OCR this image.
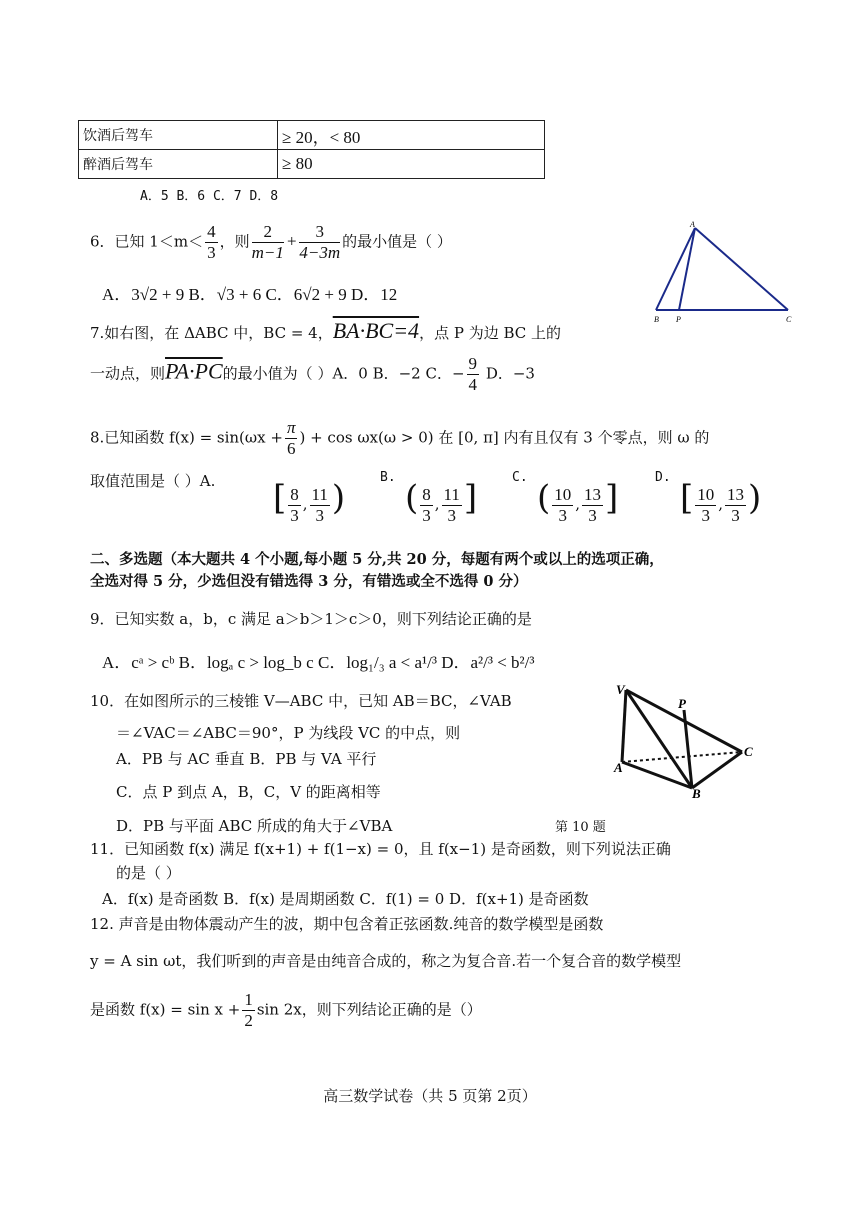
饮酒后驾车	≥ 20，< 80
醉酒后驾车	≥ 80
A．5 B．6 C．7 D．8
6．已知 $1<m< \frac{4}{3}$ ，则 $\frac{2}{m-1} + \frac{3}{4-3m}$ 的最小值是（ ）
A．3√2 + 9 B．√3 + 6 C．6√2 + 9 D．12
A
B P	C
7.如右图，在 ΔABC 中，BC = 4，BA·BC=4，点 P 为边 BC 上的
一动点，则PA·PC的最小值为（ ）A．0 B．−2 C．− $\frac{9}{4}$ D．−3
8.已知函数 $f(x) = \sin(\omega x + \frac{\pi}{6}$ ) + cos ωx(ω > 0) 在 [0, π] 内有且仅有 3 个零点，则 ω 的
取值范围是（ ）A. [ $\frac{8}{3}$ , $\frac{11}{3}$ )
B.
( $\frac{8}{3}$ , $\frac{11}{3}$ ]
C.
( $\frac{10}{3}$ , $\frac{13}{3}$ ]
D.
[ $\frac{10}{3}$ , $\frac{13}{3}$ )
二、多选题（本大题共 4 个小题,每小题 5 分,共 20 分，每题有两个或以上的选项正确，
全选对得 5 分，少选但没有错选得 3 分，有错选或全不选得 0 分）
9．已知实数 a，b，c 满足 a＞b＞1＞c＞0，则下列结论正确的是
A．cᵃ > cᵇ B．logₐ c > log_b c C．log₁/₃ a < a¹/³ D．a²/³ < b²/³
V
P
A
B
C
10．在如图所示的三棱锥 V—ABC 中，已知 AB＝BC，∠VAB
＝∠VAC＝∠ABC＝90°，P 为线段 VC 的中点，则
A．PB 与 AC 垂直 B．PB 与 VA 平行
C．点 P 到点 A，B，C，V 的距离相等
D．PB 与平面 ABC 所成的角大于∠VBA	第 10 题
11．已知函数 f(x) 满足 f(x+1) + f(1−x) = 0，且 f(x−1) 是奇函数，则下列说法正确
的是（ ）
A．f(x) 是奇函数 B．f(x) 是周期函数 C．f(1) = 0 D．f(x+1) 是奇函数
12. 声音是由物体震动产生的波，期中包含着正弦函数.纯音的数学模型是函数
y = A sin ωt，我们听到的声音是由纯音合成的，称之为复合音.若一个复合音的数学模型
是函数 $f(x) = \sin x + \frac{1}{2}$ sin 2x，则下列结论正确的是（）
高三数学试卷（共 5 页第 2页）
